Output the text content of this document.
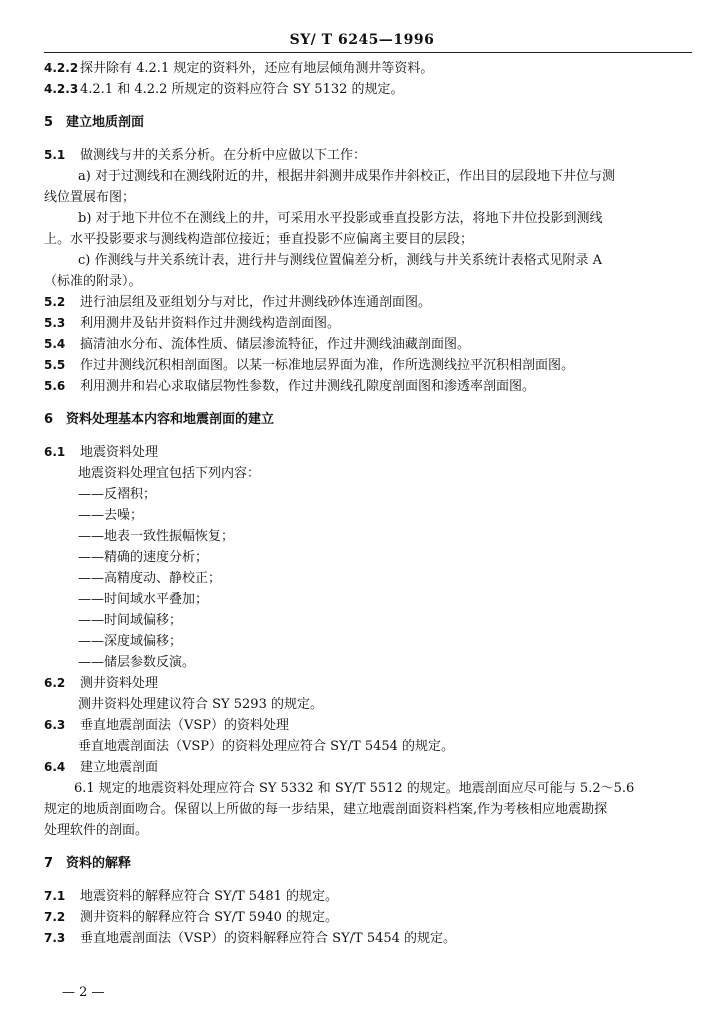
SY/ T 6245—1996
4.2.2 探井除有 4.2.1 规定的资料外，还应有地层倾角测井等资料。
4.2.3 4.2.1 和 4.2.2 所规定的资料应符合 SY 5132 的规定。
5 建立地质剖面
5.1 做测线与井的关系分析。在分析中应做以下工作：
a) 对于过测线和在测线附近的井，根据井斜测井成果作井斜校正，作出目的层段地下井位与测
线位置展布图；
b) 对于地下井位不在测线上的井，可采用水平投影或垂直投影方法，将地下井位投影到测线
上。水平投影要求与测线构造部位接近；垂直投影不应偏离主要目的层段；
c) 作测线与井关系统计表，进行井与测线位置偏差分析，测线与井关系统计表格式见附录 A
（标准的附录）。
5.2 进行油层组及亚组划分与对比，作过井测线砂体连通剖面图。
5.3 利用测井及钻井资料作过井测线构造剖面图。
5.4 搞清油水分布、流体性质、储层渗流特征，作过井测线油藏剖面图。
5.5 作过井测线沉积相剖面图。以某一标准地层界面为准，作所选测线拉平沉积相剖面图。
5.6 利用测井和岩心求取储层物性参数，作过井测线孔隙度剖面图和渗透率剖面图。
6 资料处理基本内容和地震剖面的建立
6.1 地震资料处理
地震资料处理宜包括下列内容：
——反褶积；
——去噪；
——地表一致性振幅恢复；
——精确的速度分析；
——高精度动、静校正；
——时间域水平叠加；
——时间域偏移；
——深度域偏移；
——储层参数反演。
6.2 测井资料处理
测井资料处理建议符合 SY 5293 的规定。
6.3 垂直地震剖面法（VSP）的资料处理
垂直地震剖面法（VSP）的资料处理应符合 SY/T 5454 的规定。
6.4 建立地震剖面
6.1 规定的地震资料处理应符合 SY 5332 和 SY/T 5512 的规定。地震剖面应尽可能与 5.2～5.6
规定的地质剖面吻合。保留以上所做的每一步结果，建立地震剖面资料档案,作为考核相应地震勘探
处理软件的剖面。
7 资料的解释
7.1 地震资料的解释应符合 SY/T 5481 的规定。
7.2 测井资料的解释应符合 SY/T 5940 的规定。
7.3 垂直地震剖面法（VSP）的资料解释应符合 SY/T 5454 的规定。
— 2 —
